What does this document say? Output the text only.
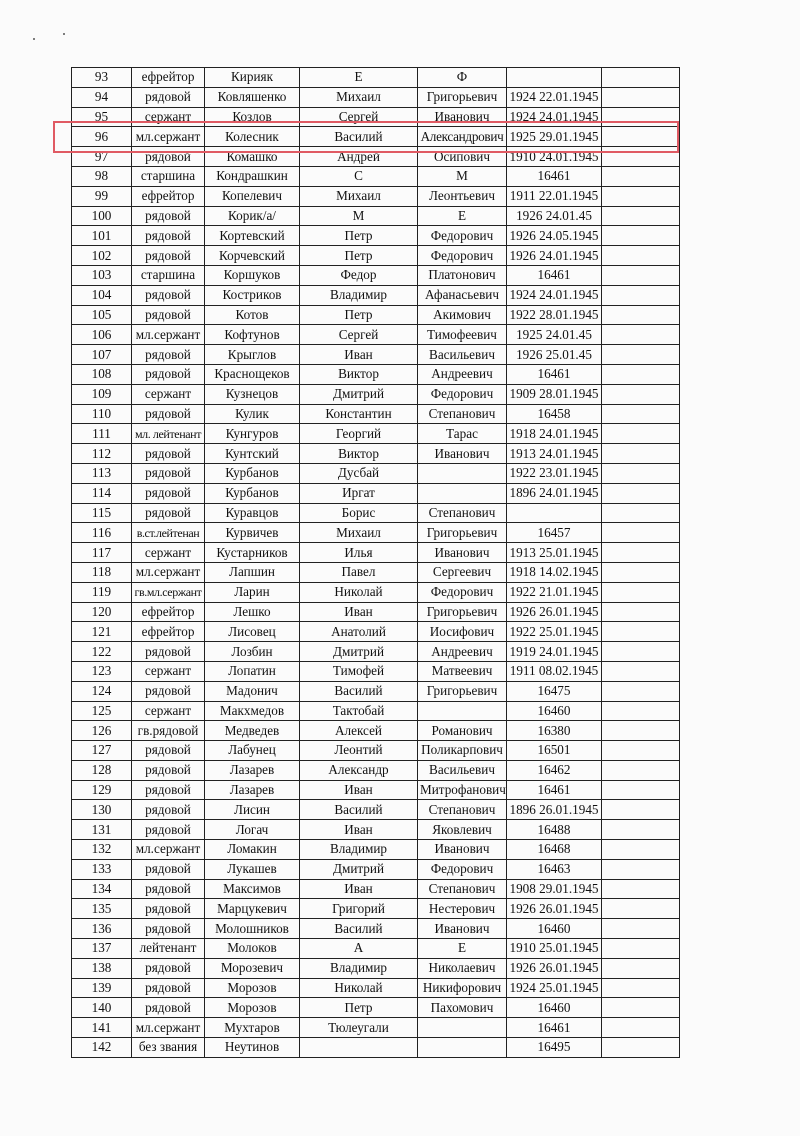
93	ефрейтор	Кирияк	Е	Ф		
94	рядовой	Ковляшенко	Михаил	Григорьевич	1924 22.01.1945	
95	сержант	Козлов	Сергей	Иванович	1924 24.01.1945	
96	мл.сержант	Колесник	Василий	Александрович	1925 29.01.1945	
97	рядовой	Комашко	Андрей	Осипович	1910 24.01.1945	
98	старшина	Кондрашкин	С	М	16461	
99	ефрейтор	Копелевич	Михаил	Леонтьевич	1911 22.01.1945	
100	рядовой	Корик/а/	М	Е	1926 24.01.45	
101	рядовой	Кортевский	Петр	Федорович	1926 24.05.1945	
102	рядовой	Корчевский	Петр	Федорович	1926 24.01.1945	
103	старшина	Коршуков	Федор	Платонович	16461	
104	рядовой	Костриков	Владимир	Афанасьевич	1924 24.01.1945	
105	рядовой	Котов	Петр	Акимович	1922 28.01.1945	
106	мл.сержант	Кофтунов	Сергей	Тимофеевич	1925 24.01.45	
107	рядовой	Крыглов	Иван	Васильевич	1926 25.01.45	
108	рядовой	Краснощеков	Виктор	Андреевич	16461	
109	сержант	Кузнецов	Дмитрий	Федорович	1909 28.01.1945	
110	рядовой	Кулик	Константин	Степанович	16458	
111	мл. лейтенант	Кунгуров	Георгий	Тарас	1918 24.01.1945	
112	рядовой	Кунтский	Виктор	Иванович	1913 24.01.1945	
113	рядовой	Курбанов	Дусбай		1922 23.01.1945	
114	рядовой	Курбанов	Иргат		1896 24.01.1945	
115	рядовой	Куравцов	Борис	Степанович		
116	в.ст.лейтенан	Курвичев	Михаил	Григорьевич	16457	
117	сержант	Кустарников	Илья	Иванович	1913 25.01.1945	
118	мл.сержант	Лапшин	Павел	Сергеевич	1918 14.02.1945	
119	гв.мл.сержант	Ларин	Николай	Федорович	1922 21.01.1945	
120	ефрейтор	Лешко	Иван	Григорьевич	1926 26.01.1945	
121	ефрейтор	Лисовец	Анатолий	Иосифович	1922 25.01.1945	
122	рядовой	Лозбин	Дмитрий	Андреевич	1919 24.01.1945	
123	сержант	Лопатин	Тимофей	Матвеевич	1911 08.02.1945	
124	рядовой	Мадонич	Василий	Григорьевич	16475	
125	сержант	Макхмедов	Тактобай		16460	
126	гв.рядовой	Медведев	Алексей	Романович	16380	
127	рядовой	Лабунец	Леонтий	Поликарпович	16501	
128	рядовой	Лазарев	Александр	Васильевич	16462	
129	рядовой	Лазарев	Иван	Митрофанович	16461	
130	рядовой	Лисин	Василий	Степанович	1896 26.01.1945	
131	рядовой	Логач	Иван	Яковлевич	16488	
132	мл.сержант	Ломакин	Владимир	Иванович	16468	
133	рядовой	Лукашев	Дмитрий	Федорович	16463	
134	рядовой	Максимов	Иван	Степанович	1908 29.01.1945	
135	рядовой	Марцукевич	Григорий	Нестерович	1926 26.01.1945	
136	рядовой	Молошников	Василий	Иванович	16460	
137	лейтенант	Молоков	А	Е	1910 25.01.1945	
138	рядовой	Морозевич	Владимир	Николаевич	1926 26.01.1945	
139	рядовой	Морозов	Николай	Никифорович	1924 25.01.1945	
140	рядовой	Морозов	Петр	Пахомович	16460	
141	мл.сержант	Мухтаров	Тюлеугали		16461	
142	без звания	Неутинов			16495	
